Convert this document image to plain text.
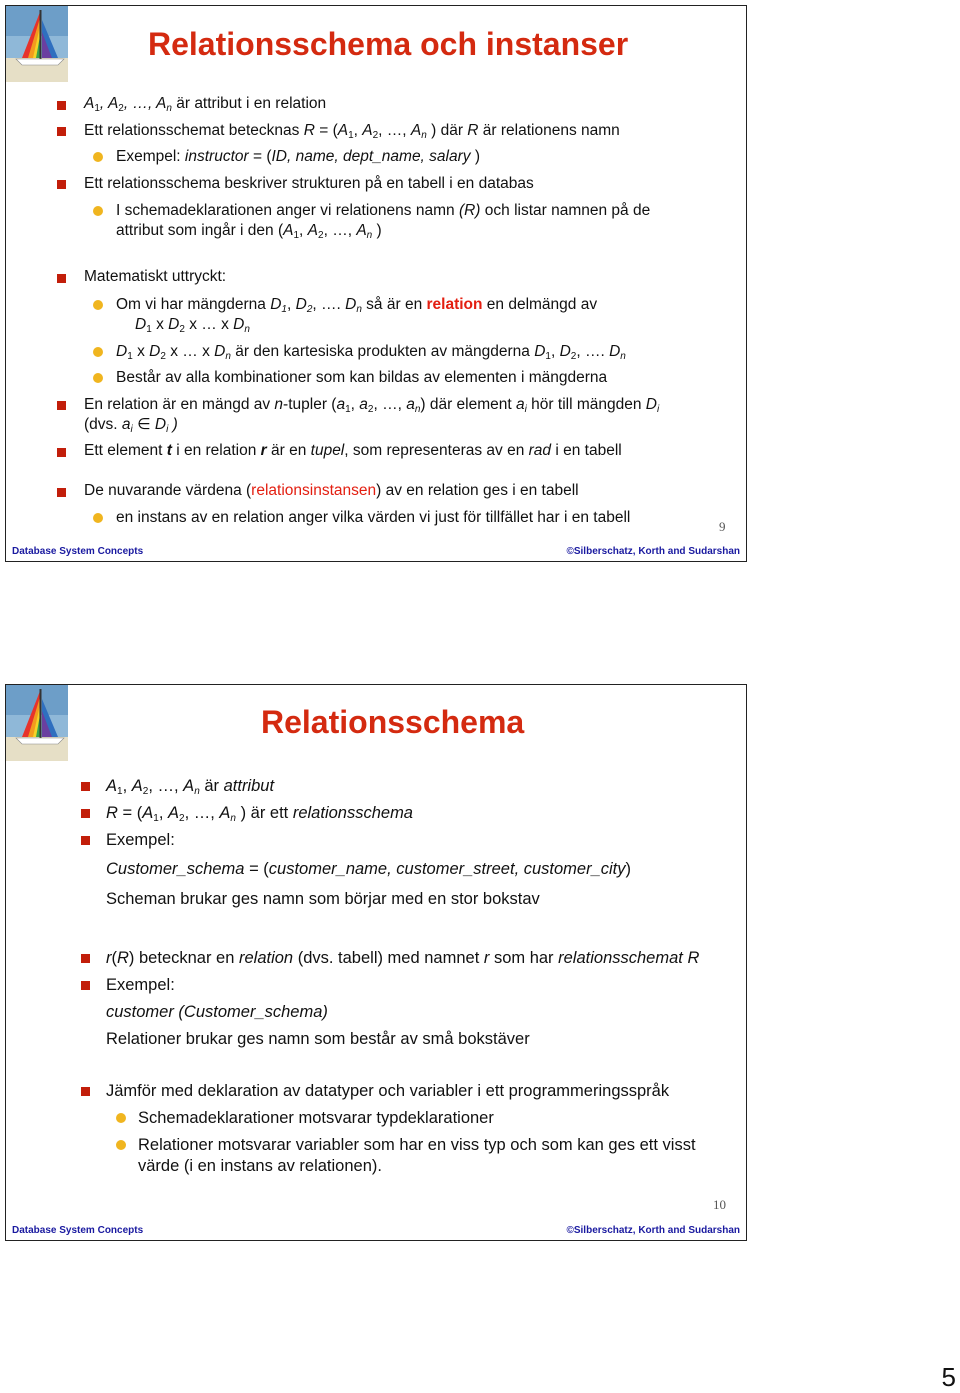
Relationsschema och instanser
$A_1$, $A_2$, …, $A_n$ är attribut i en relation
Ett relationsschemat betecknas $R = (A_1$, $A_2$, …, $A_n$ ) där R är relationens namn
Exempel: instructor = (ID, name, dept_name, salary )
Ett relationsschema beskriver strukturen på en tabell i en databas
I schemadeklarationen anger vi relationens namn (R) och listar namnen på de
attribut som ingår i den ($A_1$, $A_2$, …, $A_n$ )
Matematiskt uttryckt:
Om vi har mängderna $D_1$, $D_2$, …. $D_n$ så är en relation en delmängd av
$D_1$ x $D_2$ x … x $D_n$
$D_1$ x $D_2$ x … x $D_n$ är den kartesiska produkten av mängderna $D_1$, $D_2$, …. $D_n$
Består av alla kombinationer som kan bildas av elementen i mängderna
En relation är en mängd av n-tupler ($a_1$, $a_2$, …, $a_n$) där element $a_i$ hör till mängden $D_i$
(dvs. $a_i$ ∈ $D_i$ )
Ett element t i en relation r är en tupel, som representeras av en rad i en tabell
De nuvarande värdena (relationsinstansen) av en relation ges i en tabell
en instans av en relation anger vilka värden vi just för tillfället har i en tabell
9
Database System Concepts	©Silberschatz, Korth and Sudarshan
Relationsschema
$A_1$, $A_2$, …, $A_n$ är attribut
$R = (A_1$, $A_2$, …, $A_n$ ) är ett relationsschema
Exempel:
Customer_schema = (customer_name, customer_street, customer_city)
Scheman brukar ges namn som börjar med en stor bokstav
r(R) betecknar en relation (dvs. tabell) med namnet r som har relationsschemat R
Exempel:
customer (Customer_schema)
Relationer brukar ges namn som består av små bokstäver
Jämför med deklaration av datatyper och variabler i ett programmeringsspråk
Schemadeklarationer motsvarar typdeklarationer
Relationer motsvarar variabler som har en viss typ och som kan ges ett visst
värde (i en instans av relationen).
10
Database System Concepts	©Silberschatz, Korth and Sudarshan
5
